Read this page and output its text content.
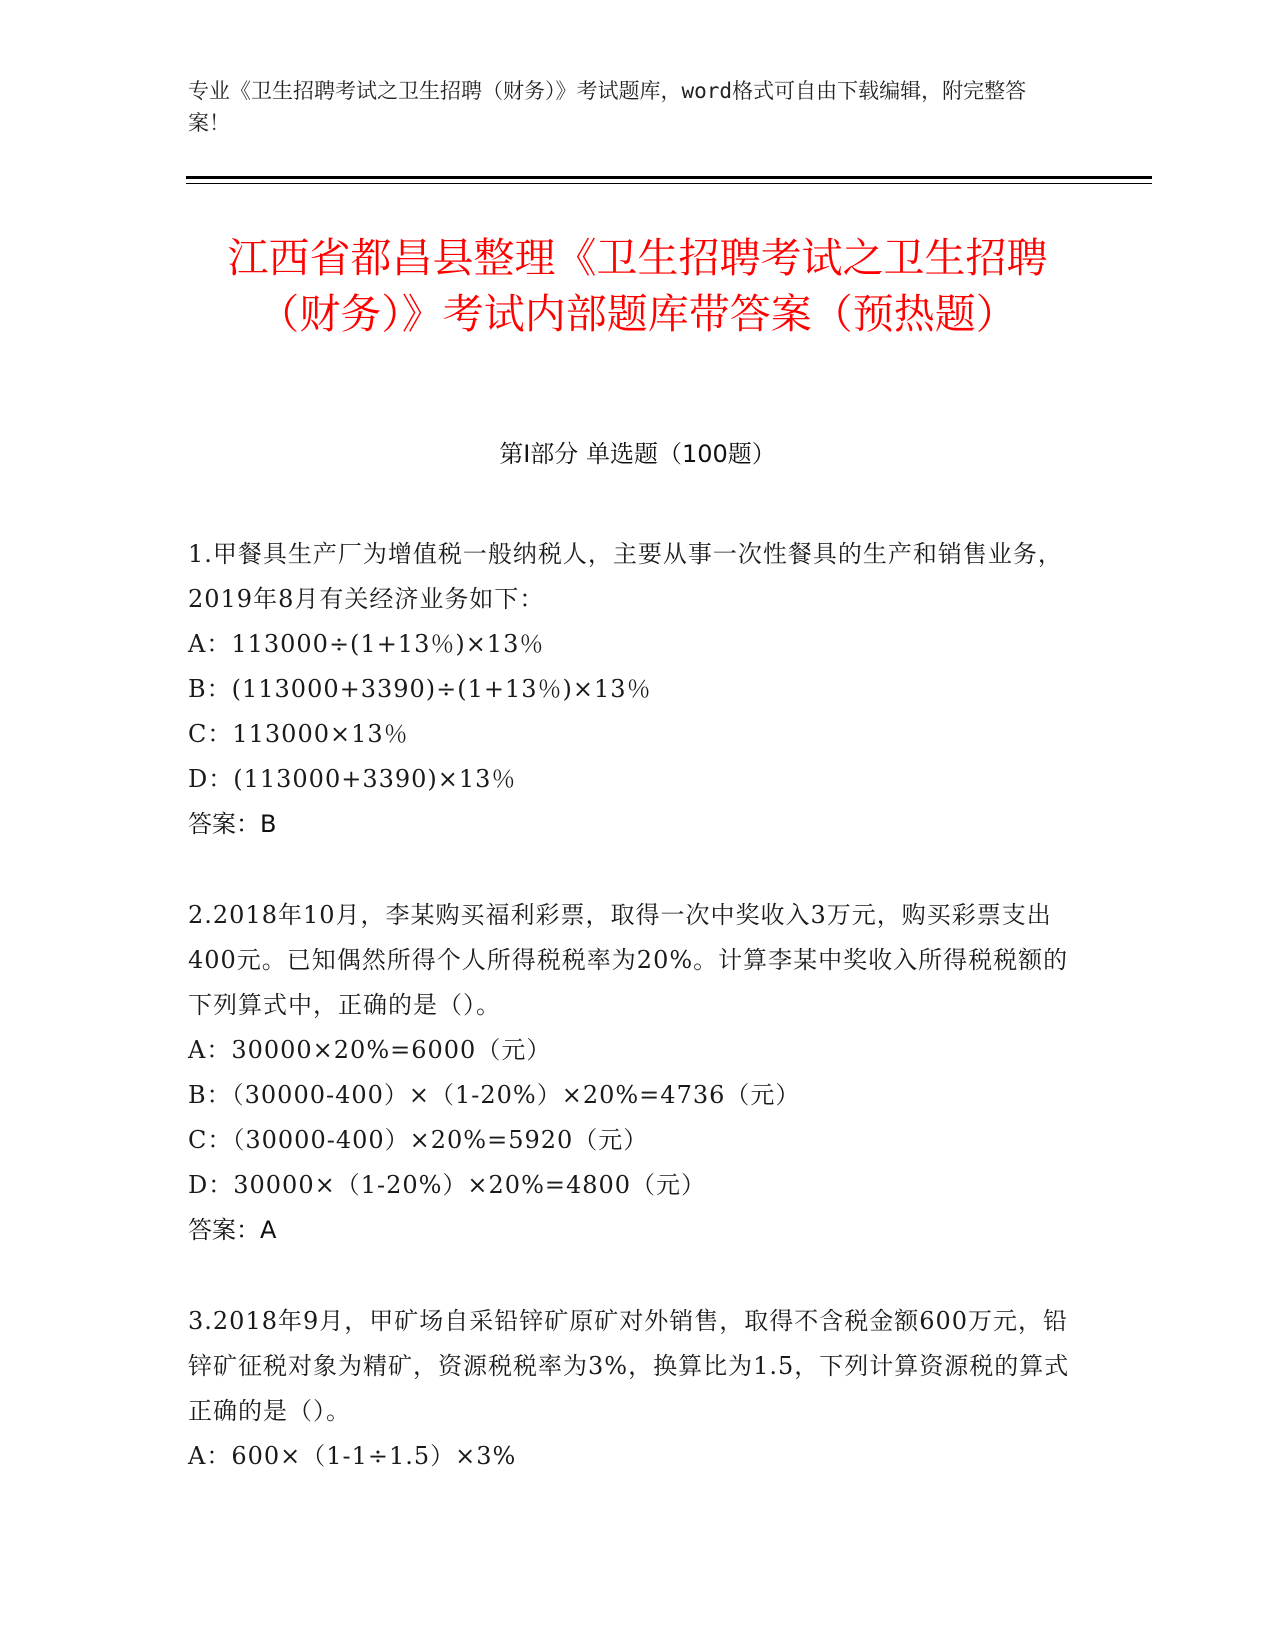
专业《卫生招聘考试之卫生招聘（财务）》考试题库，word格式可自由下载编辑，附完整答案！
江西省都昌县整理《卫生招聘考试之卫生招聘（财务）》考试内部题库带答案（预热题）
第Ⅰ部分 单选题（100题）
1.甲餐具生产厂为增值税一般纳税人，主要从事一次性餐具的生产和销售业务，2019年8月有关经济业务如下：
A：113000÷(1+13％)×13％
B：(113000+3390)÷(1+13％)×13％
C：113000×13％
D：(113000+3390)×13％
答案：B
2.2018年10月，李某购买福利彩票，取得一次中奖收入3万元，购买彩票支出400元。已知偶然所得个人所得税税率为20%。计算李某中奖收入所得税税额的下列算式中，正确的是（）。
A：30000×20%=6000（元）
B：（30000-400）×（1-20%）×20%=4736（元）
C：（30000-400）×20%=5920（元）
D：30000×（1-20%）×20%=4800（元）
答案：A
3.2018年9月，甲矿场自采铅锌矿原矿对外销售，取得不含税金额600万元，铅锌矿征税对象为精矿，资源税税率为3%，换算比为1.5，下列计算资源税的算式正确的是（）。
A：600×（1-1÷1.5）×3%
